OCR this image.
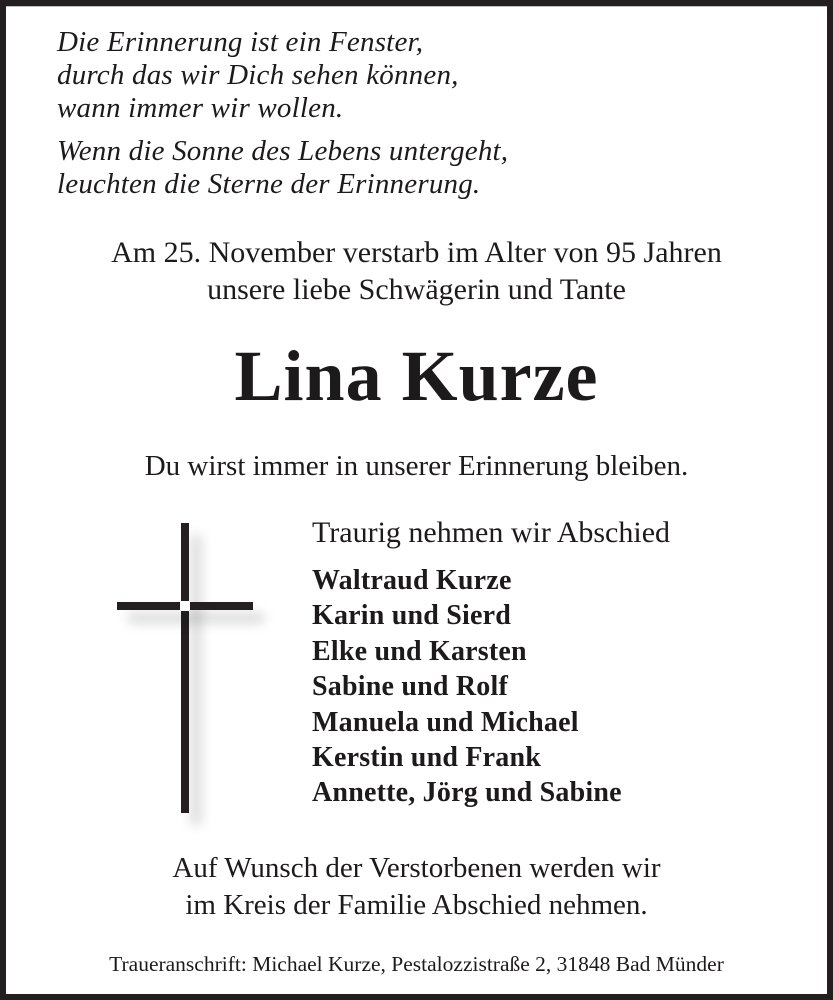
Die Erinnerung ist ein Fenster,
durch das wir Dich sehen können,
wann immer wir wollen.
Wenn die Sonne des Lebens untergeht,
leuchten die Sterne der Erinnerung.
Am 25. November verstarb im Alter von 95 Jahren
unsere liebe Schwägerin und Tante
Lina Kurze
Du wirst immer in unserer Erinnerung bleiben.
Traurig nehmen wir Abschied
Waltraud Kurze
Karin und Sierd
Elke und Karsten
Sabine und Rolf
Manuela und Michael
Kerstin und Frank
Annette, Jörg und Sabine
Auf Wunsch der Verstorbenen werden wir
im Kreis der Familie Abschied nehmen.
Traueranschrift: Michael Kurze, Pestalozzistraße 2, 31848 Bad Münder
